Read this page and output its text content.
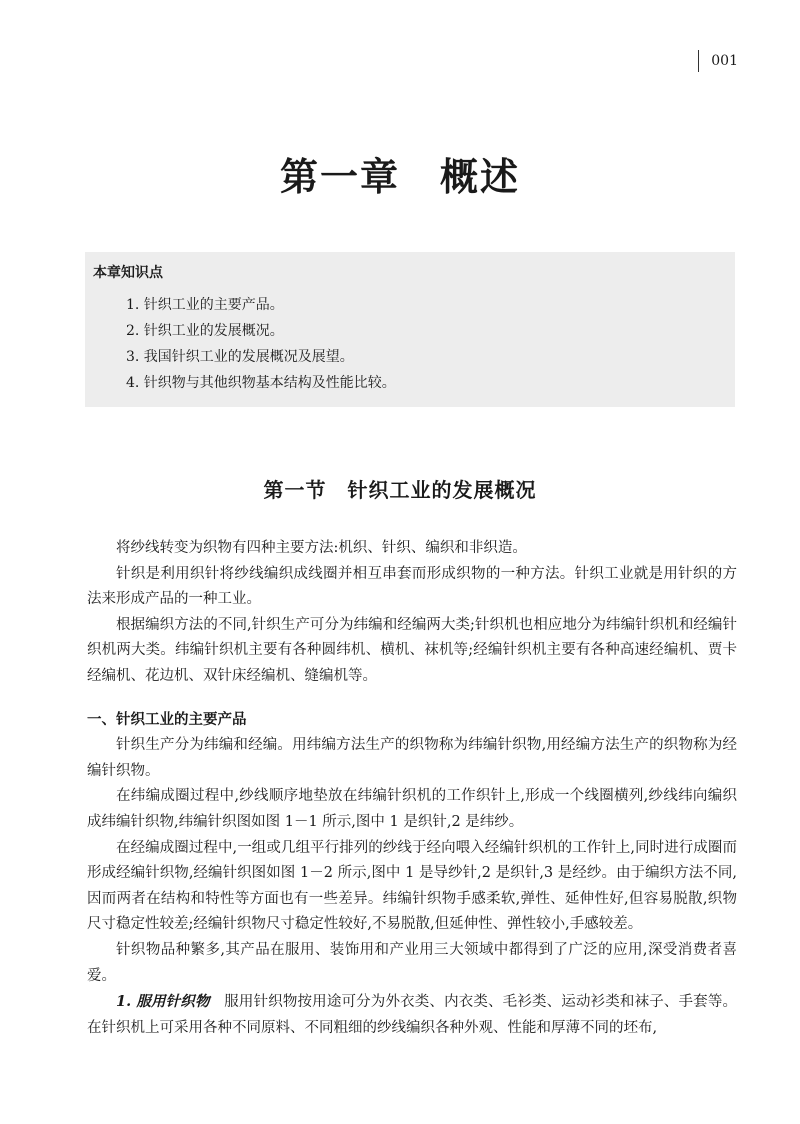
001
第一章　概述
本章知识点
1. 针织工业的主要产品。
2. 针织工业的发展概况。
3. 我国针织工业的发展概况及展望。
4. 针织物与其他织物基本结构及性能比较。
第一节　针织工业的发展概况

将纱线转变为织物有四种主要方法:机织、针织、编织和非织造。

针织是利用织针将纱线编织成线圈并相互串套而形成织物的一种方法。针织工业就是用针织的方法来形成产品的一种工业。

根据编织方法的不同,针织生产可分为纬编和经编两大类;针织机也相应地分为纬编针织机和经编针织机两大类。纬编针织机主要有各种圆纬机、横机、袜机等;经编针织机主要有各种高速经编机、贾卡经编机、花边机、双针床经编机、缝编机等。

一、针织工业的主要产品

针织生产分为纬编和经编。用纬编方法生产的织物称为纬编针织物,用经编方法生产的织物称为经编针织物。

在纬编成圈过程中,纱线顺序地垫放在纬编针织机的工作织针上,形成一个线圈横列,纱线纬向编织成纬编针织物,纬编针织图如图 1－1 所示,图中 1 是织针,2 是纬纱。

在经编成圈过程中,一组或几组平行排列的纱线于经向喂入经编针织机的工作针上,同时进行成圈而形成经编针织物,经编针织图如图 1－2 所示,图中 1 是导纱针,2 是织针,3 是经纱。由于编织方法不同,因而两者在结构和特性等方面也有一些差异。纬编针织物手感柔软,弹性、延伸性好,但容易脱散,织物尺寸稳定性较差;经编针织物尺寸稳定性较好,不易脱散,但延伸性、弹性较小,手感较差。

针织物品种繁多,其产品在服用、装饰用和产业用三大领域中都得到了广泛的应用,深受消费者喜爱。

1. 服用针织物　服用针织物按用途可分为外衣类、内衣类、毛衫类、运动衫类和袜子、手套等。在针织机上可采用各种不同原料、不同粗细的纱线编织各种外观、性能和厚薄不同的坯布,
